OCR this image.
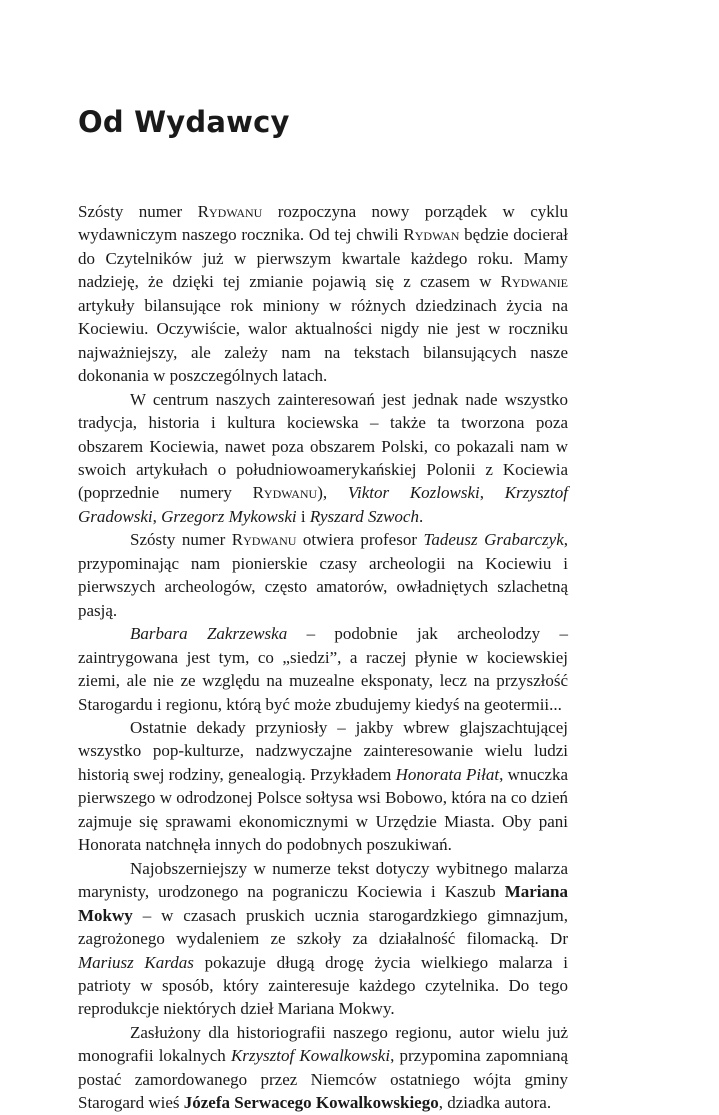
Od Wydawcy

Szósty numer Rydwanu rozpoczyna nowy porządek w cyklu wydawniczym naszego rocznika. Od tej chwili Rydwan będzie docierał do Czytelników już w pierwszym kwartale każdego roku. Mamy nadzieję, że dzięki tej zmianie pojawią się z czasem w Rydwanie artykuły bilansujące rok miniony w różnych dziedzinach życia na Kociewiu. Oczywiście, walor aktualności nigdy nie jest w roczniku najważniejszy, ale zależy nam na tekstach bilansujących nasze dokonania w poszczególnych latach.

W centrum naszych zainteresowań jest jednak nade wszystko tradycja, historia i kultura kociewska – także ta tworzona poza obszarem Kociewia, nawet poza obszarem Polski, co pokazali nam w swoich artykułach o południowoamerykańskiej Polonii z Kociewia (poprzednie numery Rydwanu), Viktor Kozlowski, Krzysztof Gradowski, Grzegorz Mykowski i Ryszard Szwoch.

Szósty numer Rydwanu otwiera profesor Tadeusz Grabarczyk, przypominając nam pionierskie czasy archeologii na Kociewiu i pierwszych archeologów, często amatorów, owładniętych szlachetną pasją.

Barbara Zakrzewska – podobnie jak archeolodzy – zaintrygowana jest tym, co „siedzi”, a raczej płynie w kociewskiej ziemi, ale nie ze względu na muzealne eksponaty, lecz na przyszłość Starogardu i regionu, którą być może zbudujemy kiedyś na geotermii...

Ostatnie dekady przyniosły – jakby wbrew glajszachtującej wszystko pop-kulturze, nadzwyczajne zainteresowanie wielu ludzi historią swej rodziny, genealogią. Przykładem Honorata Piłat, wnuczka pierwszego w odrodzonej Polsce sołtysa wsi Bobowo, która na co dzień zajmuje się sprawami ekonomicznymi w Urzędzie Miasta. Oby pani Honorata natchnęła innych do podobnych poszukiwań.

Najobszerniejszy w numerze tekst dotyczy wybitnego malarza marynisty, urodzonego na pograniczu Kociewia i Kaszub Mariana Mokwy – w czasach pruskich ucznia starogardzkiego gimnazjum, zagrożonego wydaleniem ze szkoły za działalność filomacką. Dr Mariusz Kardas pokazuje długą drogę życia wielkiego malarza i patrioty w sposób, który zainteresuje każdego czytelnika. Do tego reprodukcje niektórych dzieł Mariana Mokwy.

Zasłużony dla historiografii naszego regionu, autor wielu już monografii lokalnych Krzysztof Kowalkowski, przypomina zapomnianą postać zamordowanego przez Niemców ostatniego wójta gminy Starogard wieś Józefa Serwacego Kowalkowskiego, dziadka autora.
